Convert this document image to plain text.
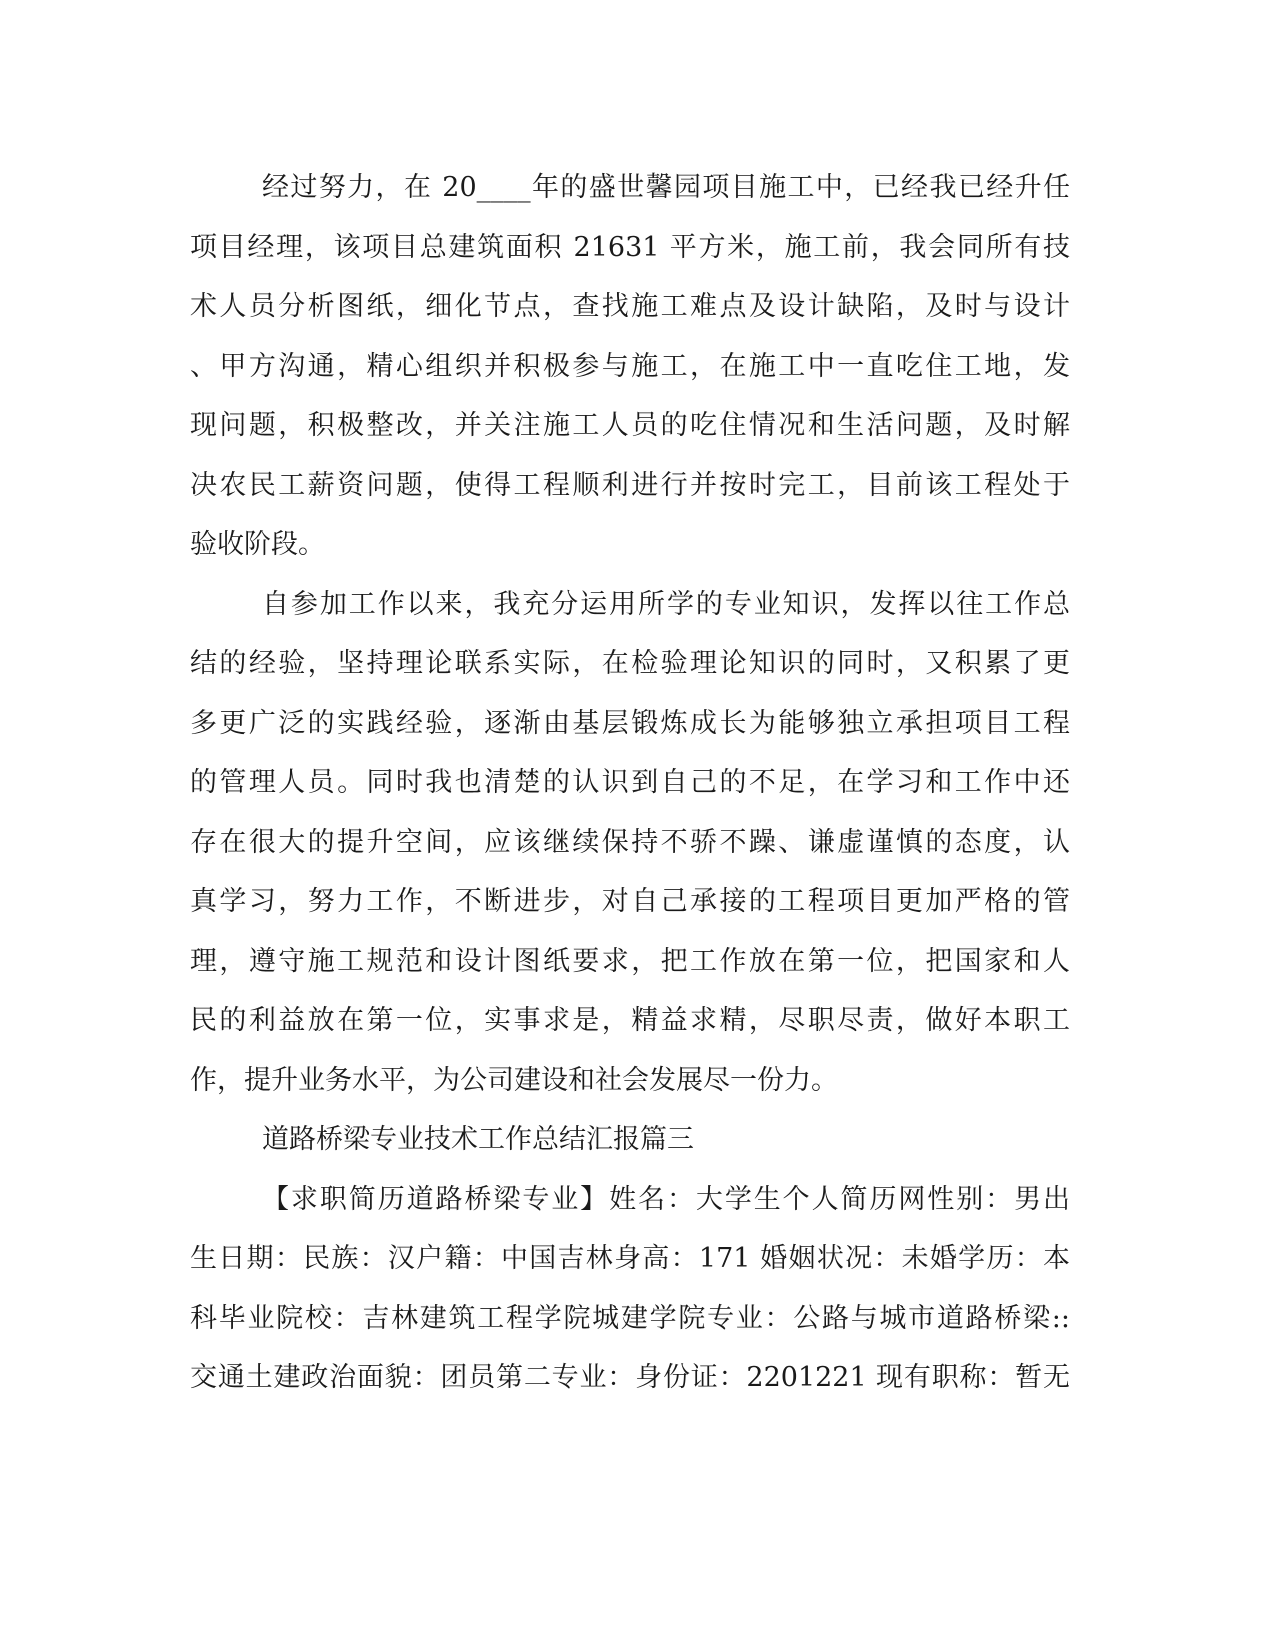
经过努力，在 20____年的盛世馨园项目施工中，已经我已经升任
项目经理，该项目总建筑面积 21631 平方米，施工前，我会同所有技
术人员分析图纸，细化节点，查找施工难点及设计缺陷，及时与设计
、甲方沟通，精心组织并积极参与施工，在施工中一直吃住工地，发
现问题，积极整改，并关注施工人员的吃住情况和生活问题，及时解
决农民工薪资问题，使得工程顺利进行并按时完工，目前该工程处于
验收阶段。
自参加工作以来，我充分运用所学的专业知识，发挥以往工作总
结的经验，坚持理论联系实际，在检验理论知识的同时，又积累了更
多更广泛的实践经验，逐渐由基层锻炼成长为能够独立承担项目工程
的管理人员。同时我也清楚的认识到自己的不足，在学习和工作中还
存在很大的提升空间，应该继续保持不骄不躁、谦虚谨慎的态度，认
真学习，努力工作，不断进步，对自己承接的工程项目更加严格的管
理，遵守施工规范和设计图纸要求，把工作放在第一位，把国家和人
民的利益放在第一位，实事求是，精益求精，尽职尽责，做好本职工
作，提升业务水平，为公司建设和社会发展尽一份力。
道路桥梁专业技术工作总结汇报篇三
【求职简历道路桥梁专业】姓名：大学生个人简历网性别：男出
生日期：民族：汉户籍：中国吉林身高：171 婚姻状况：未婚学历：本
科毕业院校：吉林建筑工程学院城建学院专业：公路与城市道路桥梁::
交通土建政治面貌：团员第二专业：身份证：2201221 现有职称：暂无
